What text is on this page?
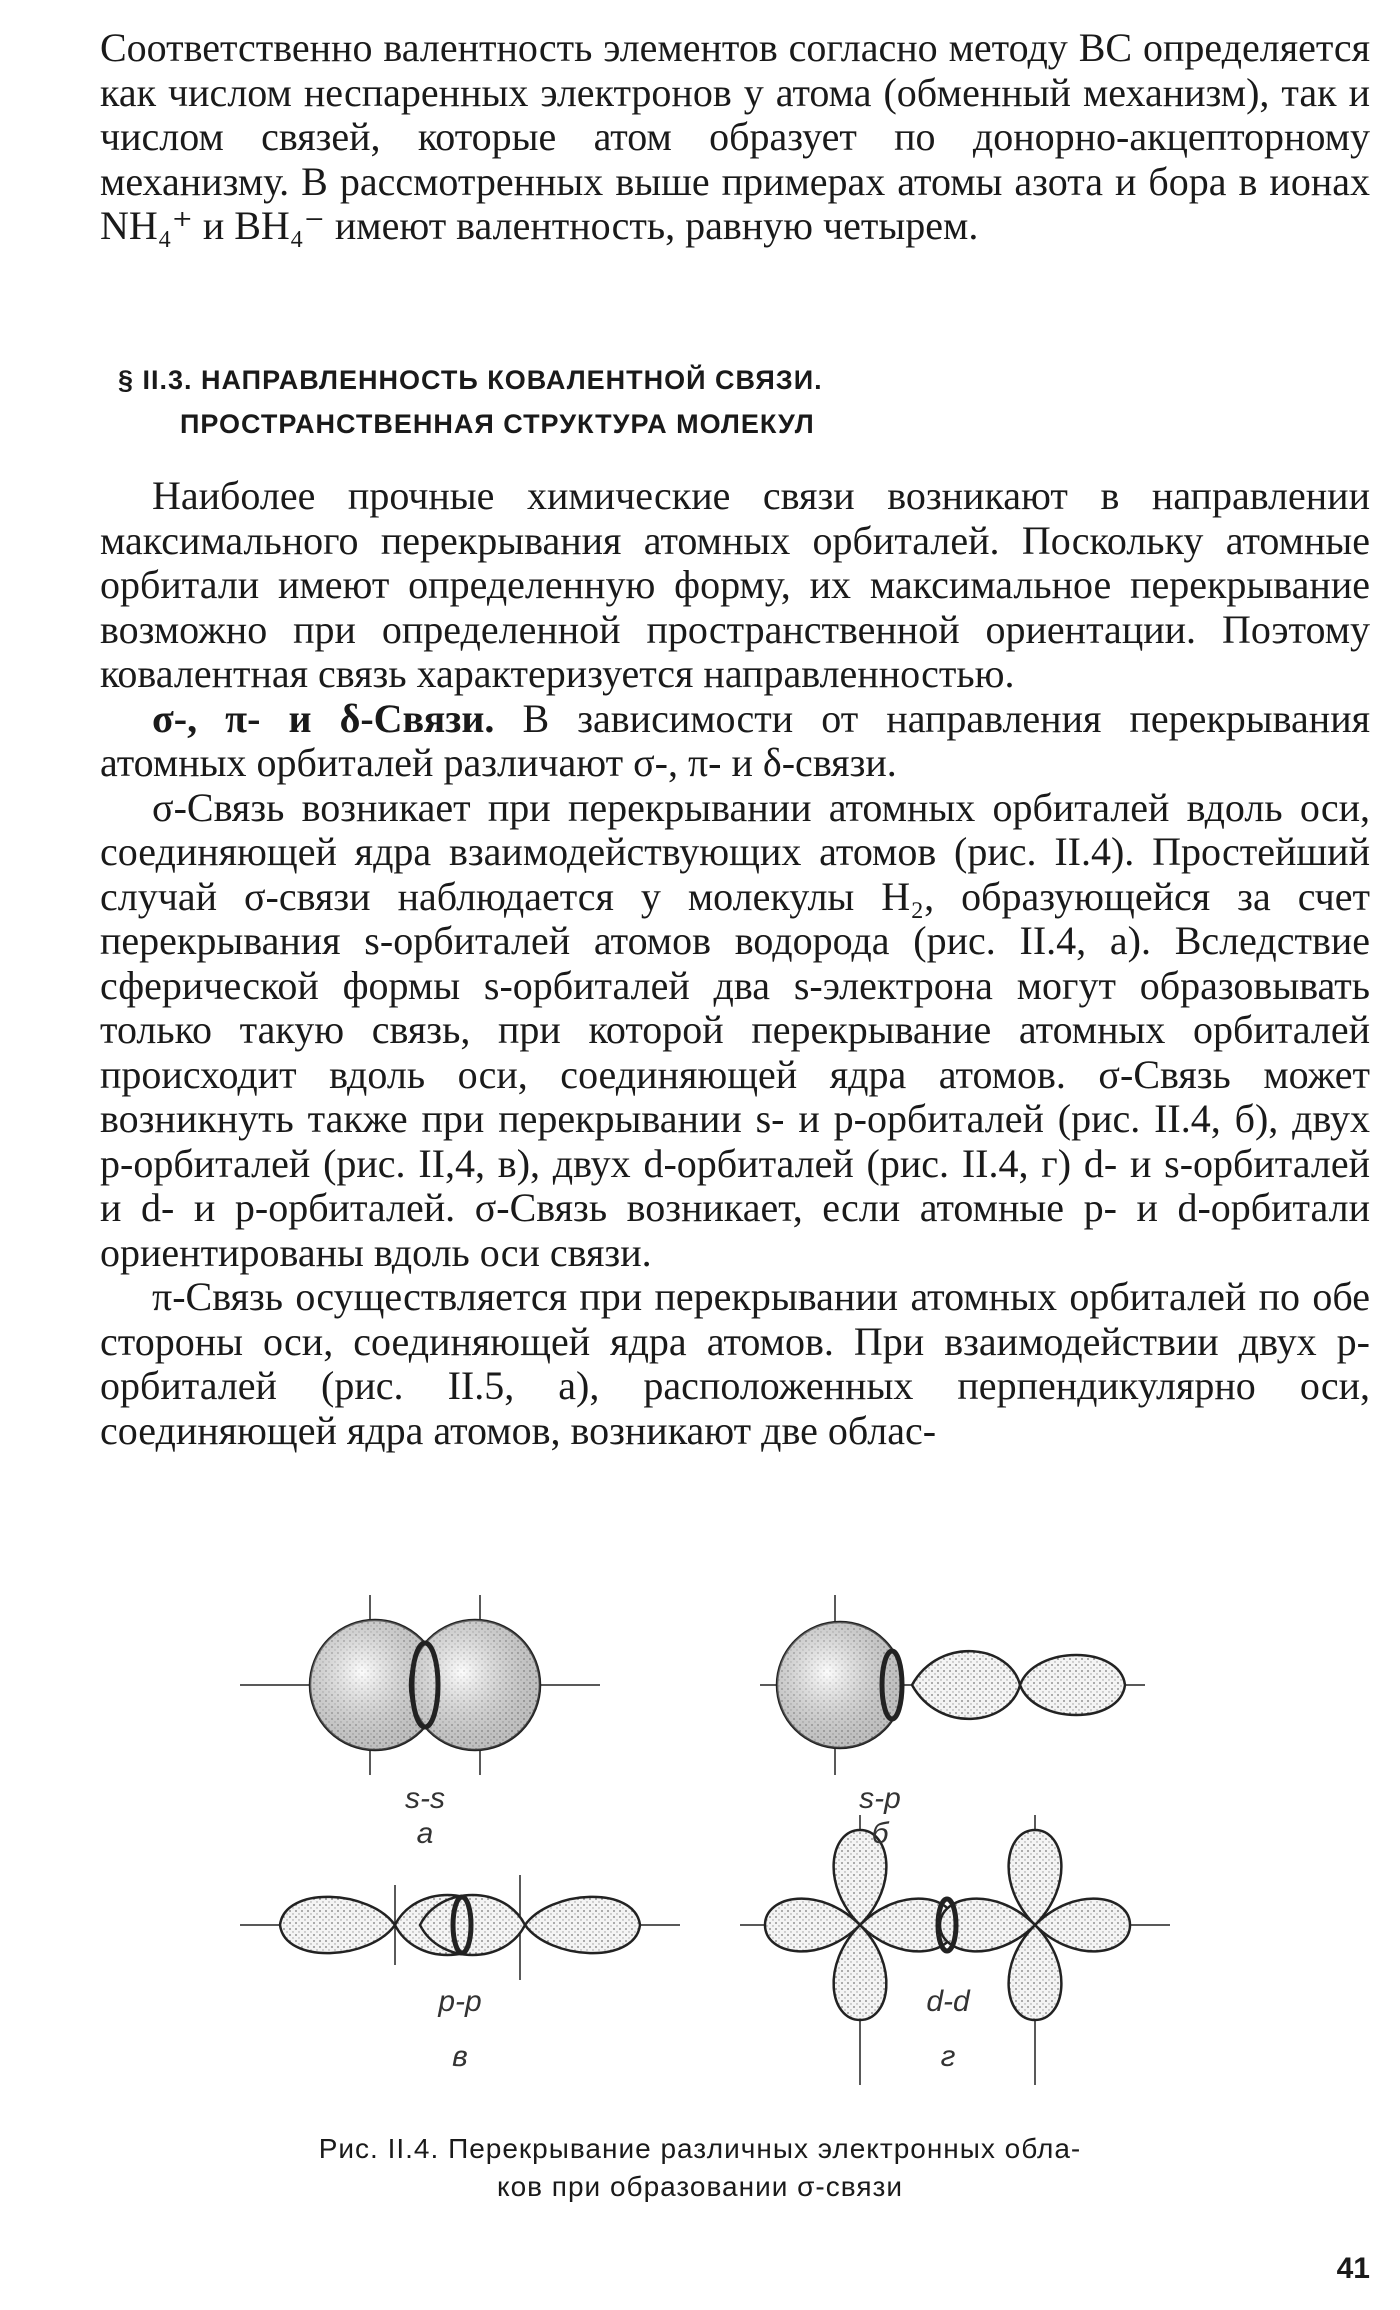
Соответственно валентность элементов согласно методу ВС определяется как числом неспаренных электронов у атома (обменный механизм), так и числом связей, которые атом образует по донорно-акцепторному механизму. В рассмотренных выше примерах атомы азота и бора в ионах NH₄⁺ и BH₄⁻ имеют валентность, равную четырем.

§ II.3. НАПРАВЛЕННОСТЬ КОВАЛЕНТНОЙ СВЯЗИ.
ПРОСТРАНСТВЕННАЯ СТРУКТУРА МОЛЕКУЛ

Наиболее прочные химические связи возникают в направлении максимального перекрывания атомных орбиталей. Поскольку атомные орбитали имеют определенную форму, их максимальное перекрывание возможно при определенной пространственной ориентации. Поэтому ковалентная связь характеризуется направленностью.

σ-, π- и δ-Связи. В зависимости от направления перекрывания атомных орбиталей различают σ-, π- и δ-связи.

σ-Связь возникает при перекрывании атомных орбиталей вдоль оси, соединяющей ядра взаимодействующих атомов (рис. II.4). Простейший случай σ-связи наблюдается у молекулы H₂, образующейся за счет перекрывания s-орбиталей атомов водорода (рис. II.4, а). Вследствие сферической формы s-орбиталей два s-электрона могут образовывать только такую связь, при которой перекрывание атомных орбиталей происходит вдоль оси, соединяющей ядра атомов. σ-Связь может возникнуть также при перекрывании s- и p-орбиталей (рис. II.4, б), двух p-орбиталей (рис. II,4, в), двух d-орбиталей (рис. II.4, г) d- и s-орбиталей и d- и p-орбиталей. σ-Связь возникает, если атомные p- и d-орбитали ориентированы вдоль оси связи.

π-Связь осуществляется при перекрывании атомных орбиталей по обе стороны оси, соединяющей ядра атомов. При взаимодействии двух p-орбиталей (рис. II.5, а), расположенных перпендикулярно оси, соединяющей ядра атомов, возникают две облас-

s-s
а
s-p
б
p-p
в
d-d
г
Рис. II.4. Перекрывание различных электронных обла-
ков при образовании σ-связи
41
